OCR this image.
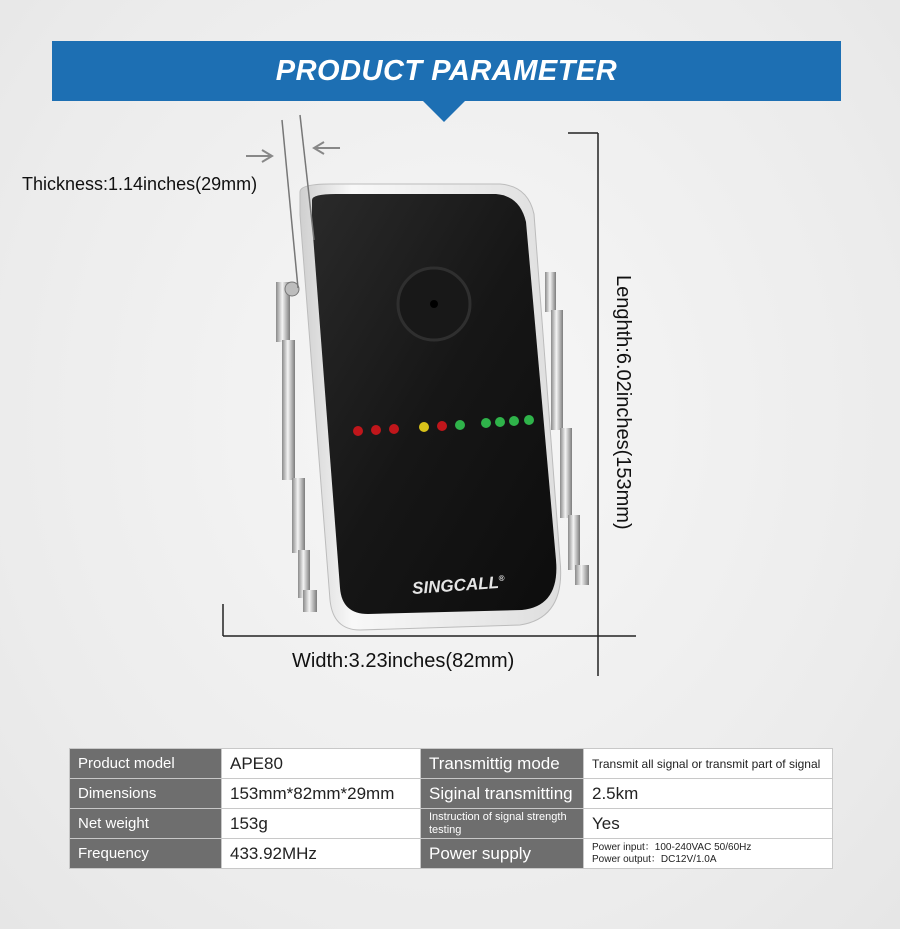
PRODUCT PARAMETER
SINGCALL®
Thickness:1.14inches(29mm)
Width:3.23inches(82mm)
Lenghth:6.02inches(153mm)
Product model	APE80	Transmittig mode	Transmit all signal or transmit part of signal
Dimensions	153mm*82mm*29mm	Siginal transmitting	2.5km
Net weight	153g	Instruction of signal strength testing	Yes
Frequency	433.92MHz	Power supply	Power input：100-240VAC 50/60Hz
Power output：DC12V/1.0A
